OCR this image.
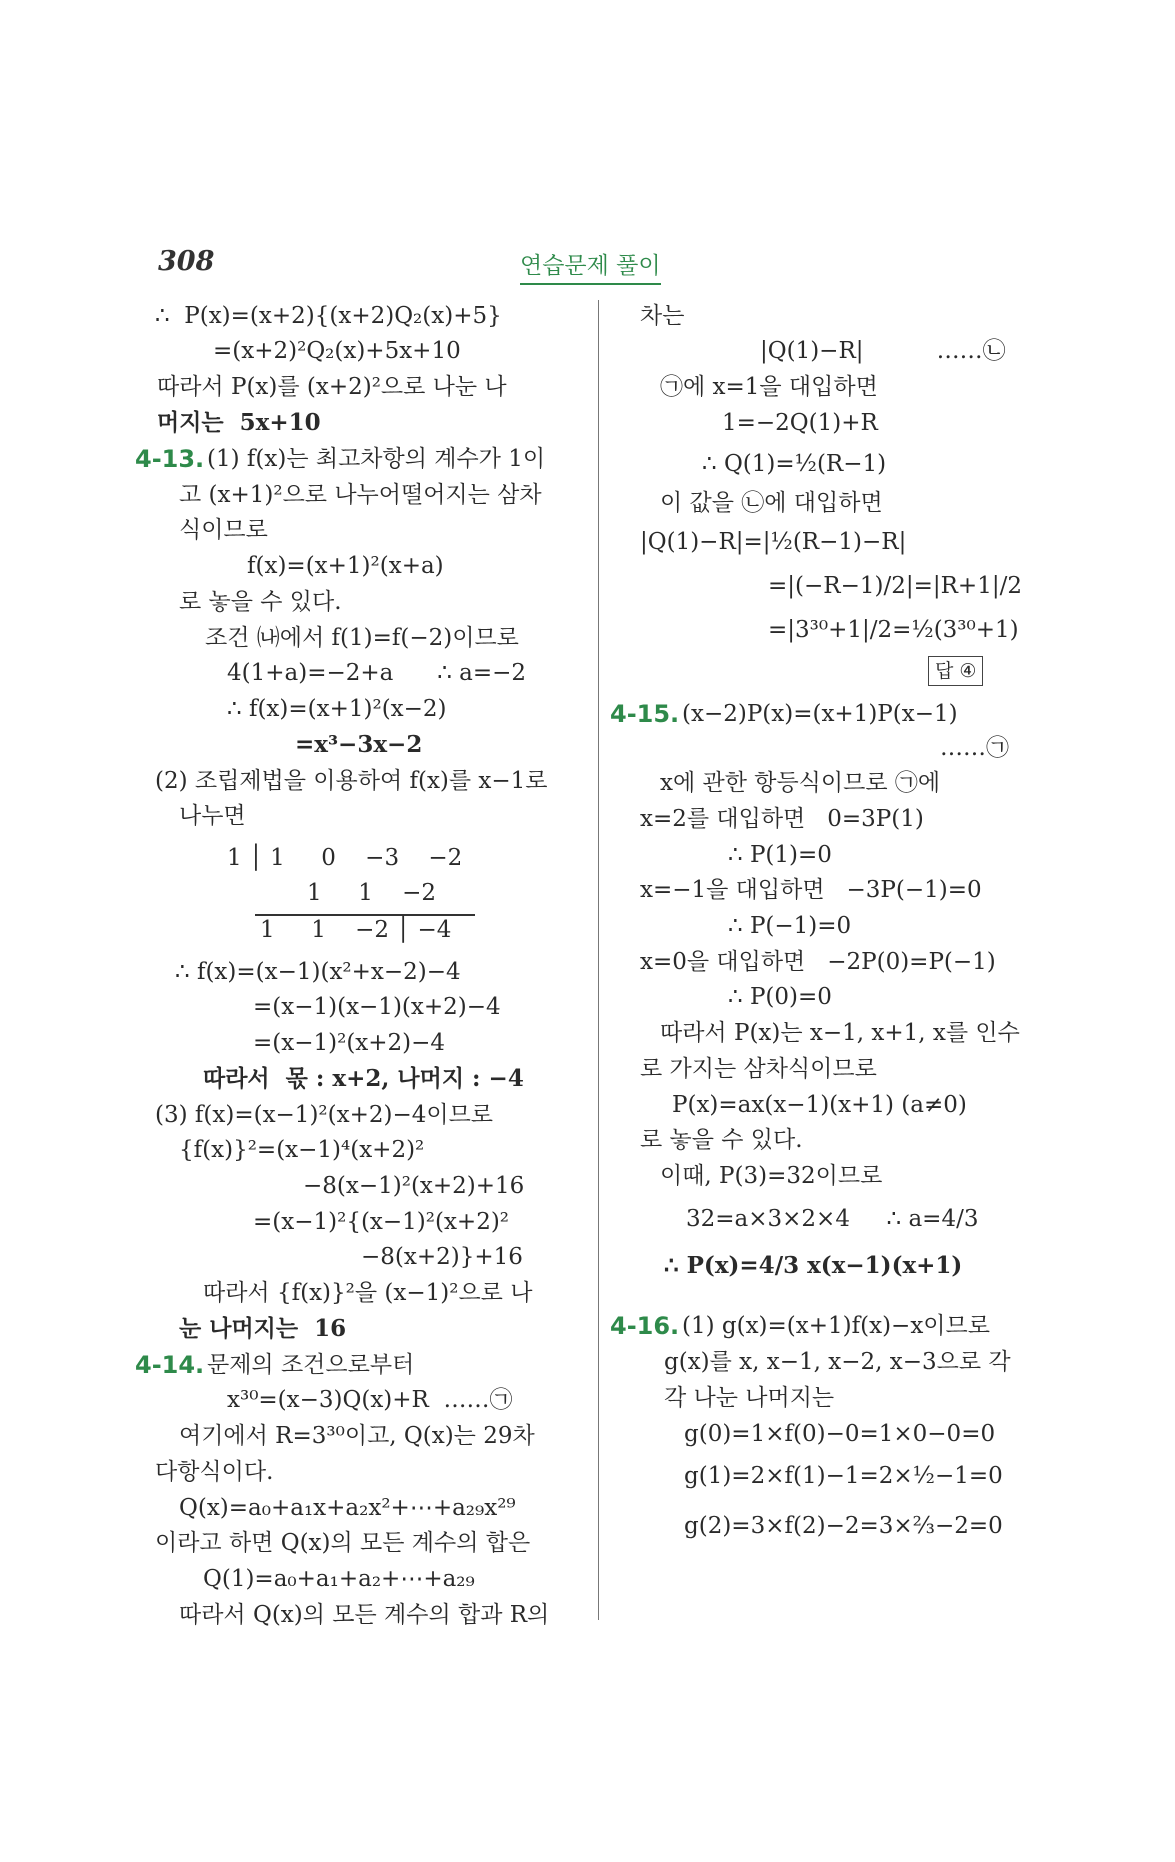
308	연습문제 풀이
∴  P(x)=(x+2){(x+2)Q₂(x)+5}
=(x+2)²Q₂(x)+5x+10
따라서 P(x)를 (x+2)²으로 나눈 나
머지는  5x+10
4-13. (1) f(x)는 최고차항의 계수가 1이
고 (x+1)²으로 나누어떨어지는 삼차
식이므로
f(x)=(x+1)²(x+a)
로 놓을 수 있다.
조건 ㈏에서 f(1)=f(−2)이므로
4(1+a)=−2+a      ∴ a=−2
∴ f(x)=(x+1)²(x−2)
=x³−3x−2
(2) 조립제법을 이용하여 f(x)를 x−1로
나누면
1 │ 1     0    −3    −2
1     1    −2
1     1    −2 │ −4
∴ f(x)=(x−1)(x²+x−2)−4
=(x−1)(x−1)(x+2)−4
=(x−1)²(x+2)−4
따라서  몫 : x+2, 나머지 : −4
(3) f(x)=(x−1)²(x+2)−4이므로
{f(x)}²=(x−1)⁴(x+2)²
−8(x−1)²(x+2)+16
=(x−1)²{(x−1)²(x+2)²
−8(x+2)}+16
따라서 {f(x)}²을 (x−1)²으로 나
눈 나머지는  16
4-14. 문제의 조건으로부터
x³⁰=(x−3)Q(x)+R  ……㉠
여기에서 R=3³⁰이고, Q(x)는 29차
다항식이다.
Q(x)=a₀+a₁x+a₂x²+⋯+a₂₉x²⁹
이라고 하면 Q(x)의 모든 계수의 합은
Q(1)=a₀+a₁+a₂+⋯+a₂₉
따라서 Q(x)의 모든 계수의 합과 R의
차는
|Q(1)−R|          ……㉡
㉠에 x=1을 대입하면
1=−2Q(1)+R
∴ Q(1)=½(R−1)
이 값을 ㉡에 대입하면
|Q(1)−R|=|½(R−1)−R|
=|(−R−1)/2|=|R+1|/2
=|3³⁰+1|/2=½(3³⁰+1)
답 ④
4-15. (x−2)P(x)=(x+1)P(x−1)
……㉠
x에 관한 항등식이므로 ㉠에
x=2를 대입하면   0=3P(1)
∴ P(1)=0
x=−1을 대입하면   −3P(−1)=0
∴ P(−1)=0
x=0을 대입하면   −2P(0)=P(−1)
∴ P(0)=0
따라서 P(x)는 x−1, x+1, x를 인수
로 가지는 삼차식이므로
P(x)=ax(x−1)(x+1) (a≠0)
로 놓을 수 있다.
이때, P(3)=32이므로
32=a×3×2×4     ∴ a=4/3
∴ P(x)=4/3 x(x−1)(x+1)
4-16. (1) g(x)=(x+1)f(x)−x이므로
g(x)를 x, x−1, x−2, x−3으로 각
각 나눈 나머지는
g(0)=1×f(0)−0=1×0−0=0
g(1)=2×f(1)−1=2×½−1=0
g(2)=3×f(2)−2=3×⅔−2=0
